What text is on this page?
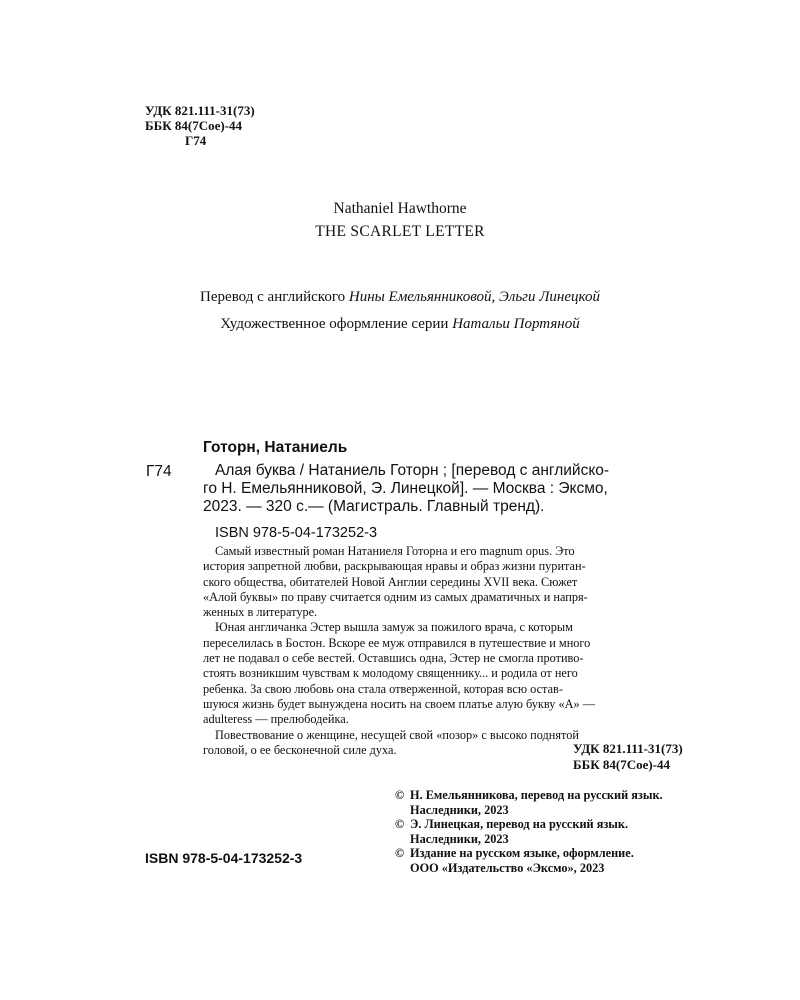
УДК 821.111-31(73)
ББК 84(7Сое)-44
Г74
Nathaniel Hawthorne
THE SCARLET LETTER
Перевод с английского Нины Емельянниковой, Эльги Линецкой
Художественное оформление серии Натальи Портяной
Готорн, Натаниель
Г74	Алая буква / Натаниель Готорн ; [перевод с английско-
го Н. Емельянниковой, Э. Линецкой]. — Москва : Эксмо,
2023. — 320 с.— (Магистраль. Главный тренд).
ISBN 978-5-04-173252-3
Самый известный роман Натаниеля Готорна и его magnum opus. Это
история запретной любви, раскрывающая нравы и образ жизни пуритан-
ского общества, обитателей Новой Англии середины XVII века. Сюжет
«Алой буквы» по праву считается одним из самых драматичных и напря-
женных в литературе.
Юная англичанка Эстер вышла замуж за пожилого врача, с которым
переселилась в Бостон. Вскоре ее муж отправился в путешествие и много
лет не подавал о себе вестей. Оставшись одна, Эстер не смогла противо-
стоять возникшим чувствам к молодому священнику... и родила от него
ребенка. За свою любовь она стала отверженной, которая всю остав-
шуюся жизнь будет вынуждена носить на своем платье алую букву «А» —
adulteress — прелюбодейка.
Повествование о женщине, несущей свой «позор» с высоко поднятой
головой, о ее бесконечной силе духа.	УДК 821.111-31(73)
ББК 84(7Сое)-44
© Н. Емельянникова, перевод на русский язык.
Наследники, 2023
© Э. Линецкая, перевод на русский язык.
Наследники, 2023
© Издание на русском языке, оформление.
ООО «Издательство «Эксмо», 2023
ISBN 978-5-04-173252-3
